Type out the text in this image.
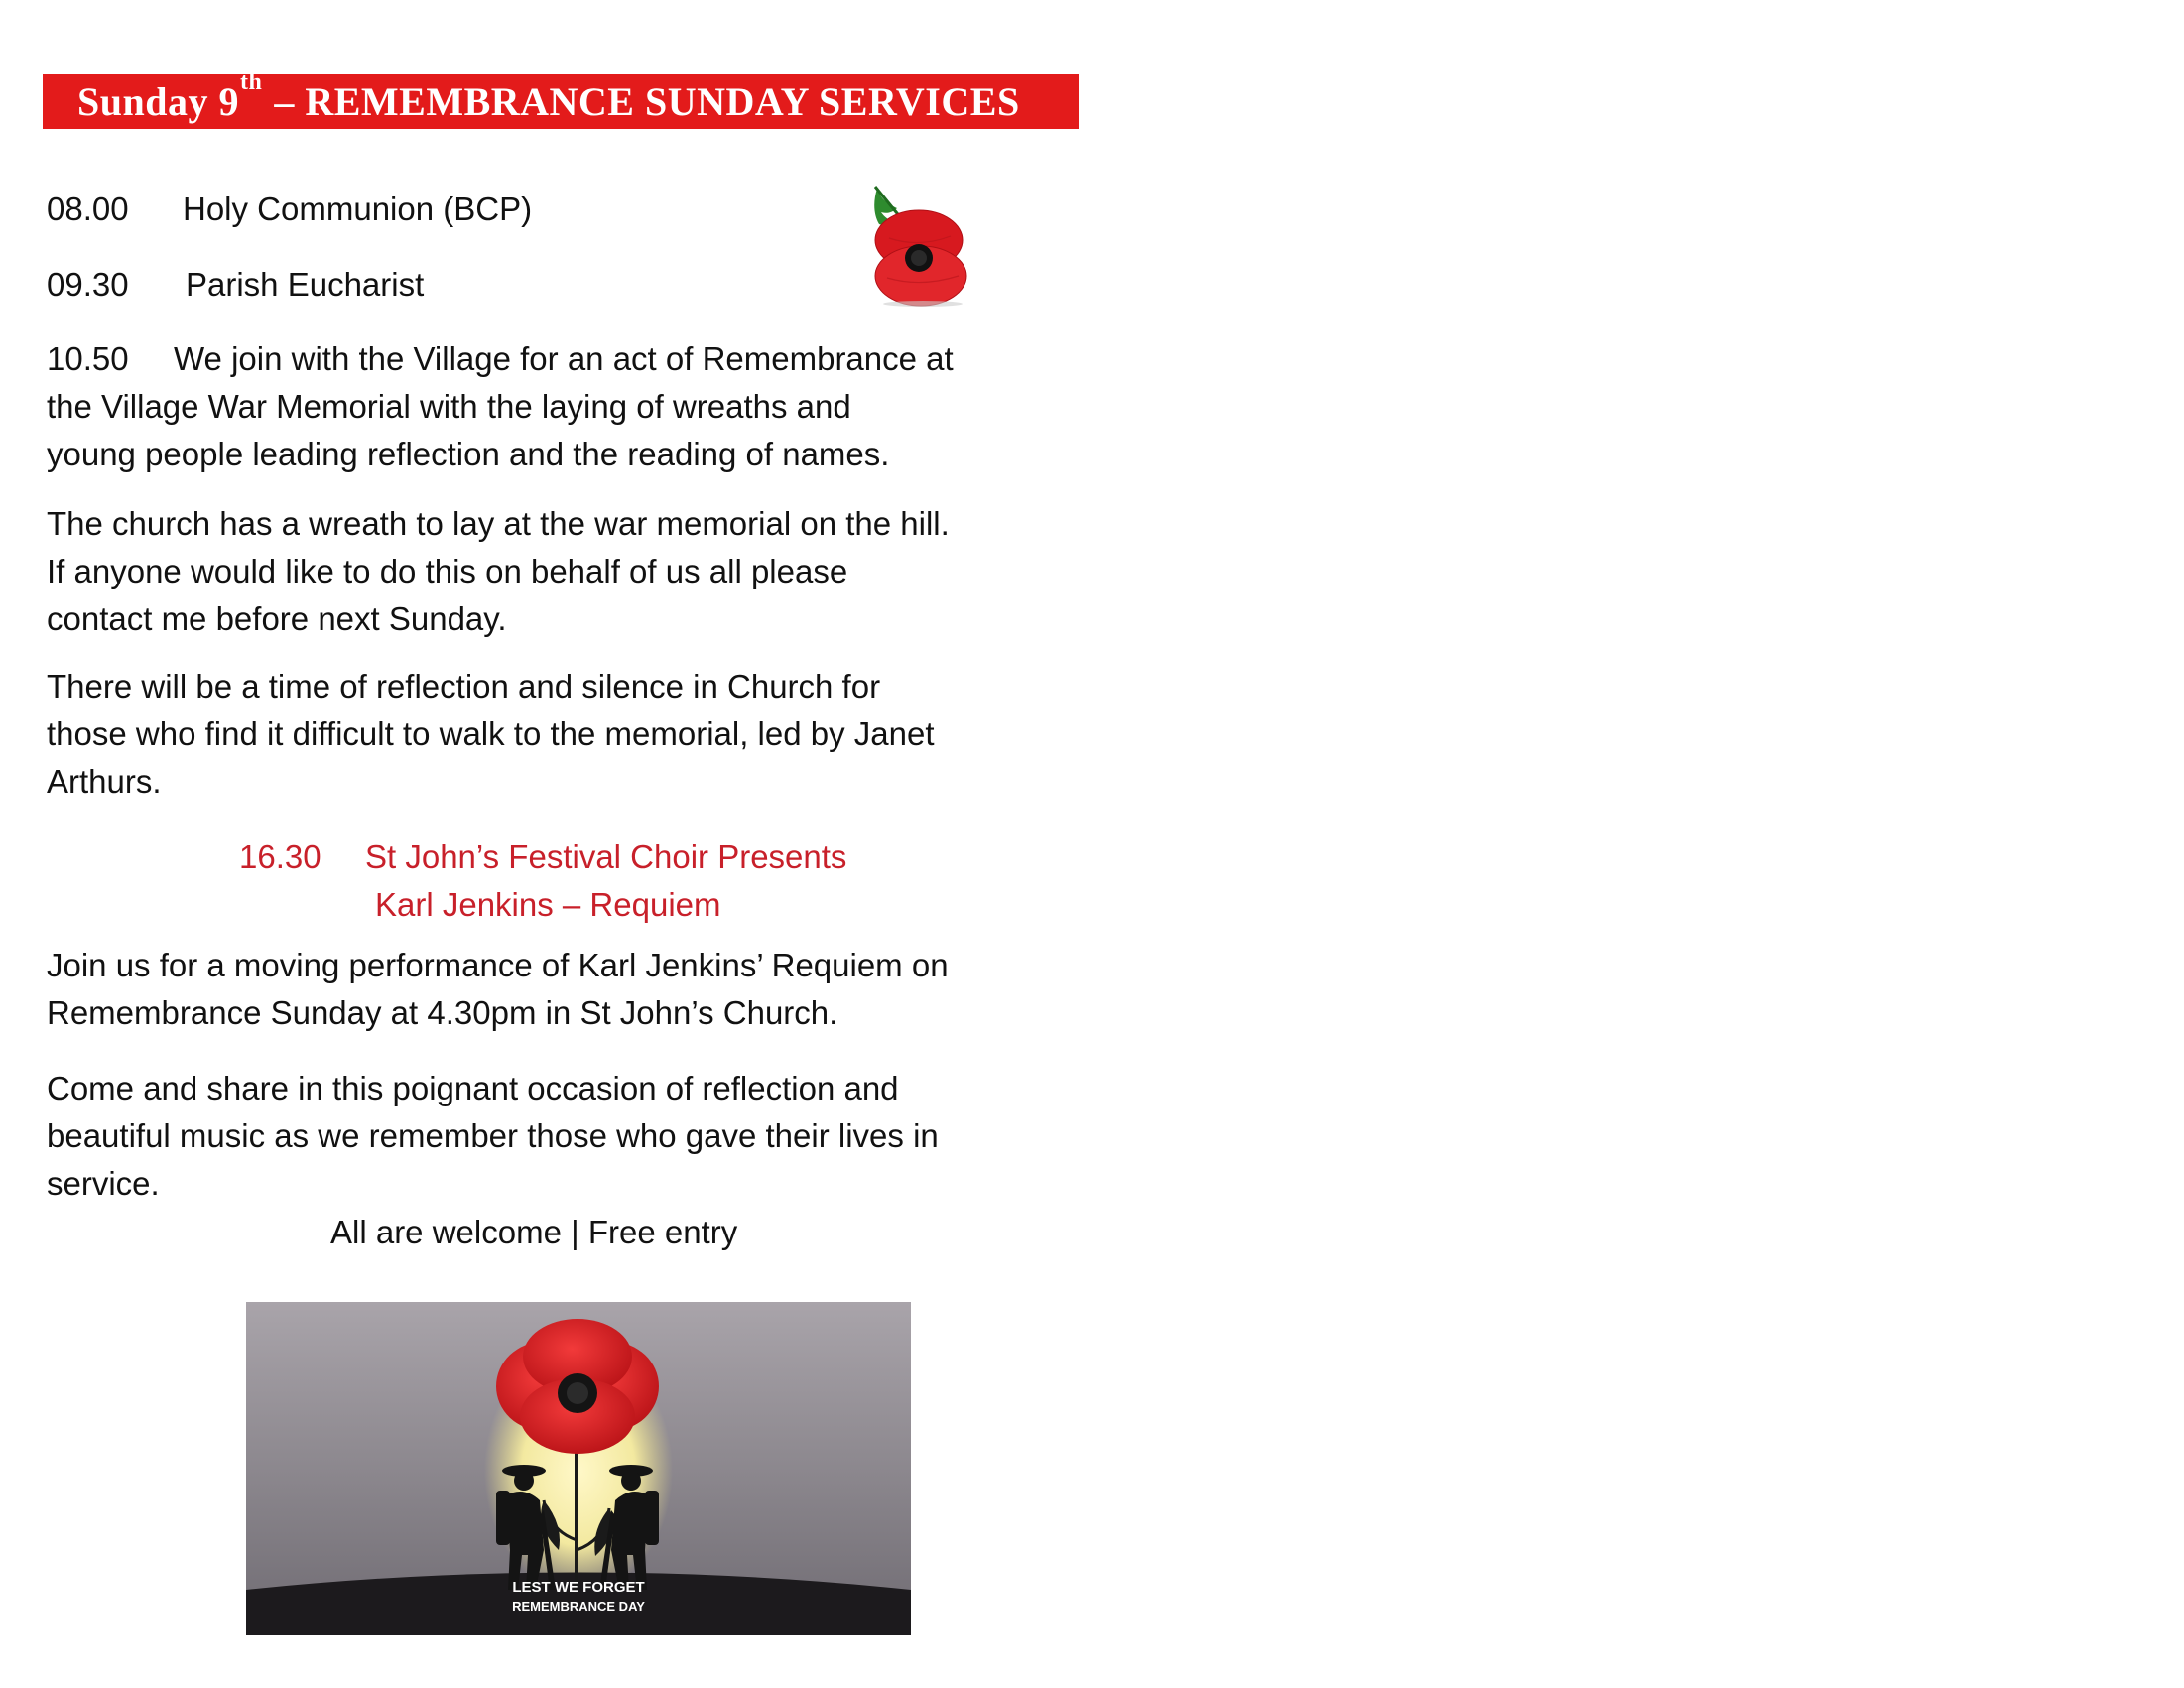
Sunday 9th – REMEMBRANCE SUNDAY SERVICES
08.00 Holy Communion (BCP)
09.30 Parish Eucharist
10.50 We join with the Village for an act of Remembrance at
the Village War Memorial with the laying of wreaths and
young people leading reflection and the reading of names.
The church has a wreath to lay at the war memorial on the hill.
If anyone would like to do this on behalf of us all please
contact me before next Sunday.
There will be a time of reflection and silence in Church for
those who find it difficult to walk to the memorial, led by Janet
Arthurs.
16.30 St John’s Festival Choir Presents
Karl Jenkins – Requiem
Join us for a moving performance of Karl Jenkins’ Requiem on
Remembrance Sunday at 4.30pm in St John’s Church.
Come and share in this poignant occasion of reflection and
beautiful music as we remember those who gave their lives in
service.
All are welcome | Free entry
LEST WE FORGET
REMEMBRANCE DAY
